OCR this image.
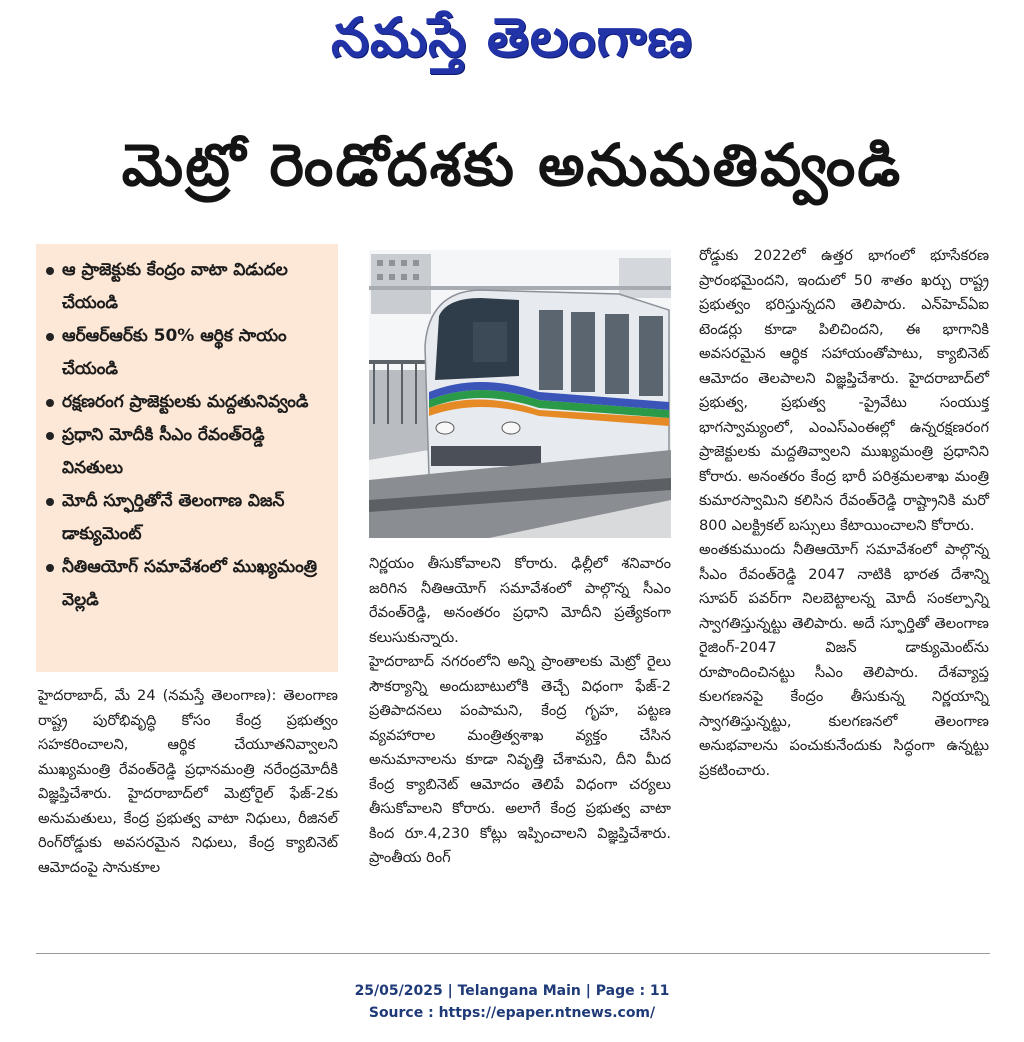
నమస్తే తెలంగాణ
మెట్రో రెండోదశకు అనుమతివ్వండి
ఆ ప్రాజెక్టుకు కేంద్రం వాటా విడుదల చేయండి
ఆర్‌ఆర్‌ఆర్‌కు 50% ఆర్థిక సాయం చేయండి
రక్షణరంగ ప్రాజెక్టులకు మద్దతునివ్వండి
ప్రధాని మోదీకి సీఎం రేవంత్‌రెడ్డి వినతులు
మోదీ స్ఫూర్తితోనే తెలంగాణ విజన్ డాక్యుమెంట్
నీతిఆయోగ్ సమావేశంలో ముఖ్యమంత్రి వెల్లడి

హైదరాబాద్, మే 24 (నమస్తే తెలంగాణ): తెలంగాణ రాష్ట్ర పురోభివృద్ధి కోసం కేంద్ర ప్రభుత్వం సహకరించాలని, ఆర్థిక చేయూతనివ్వాలని ముఖ్యమంత్రి రేవంత్‌రెడ్డి ప్రధానమంత్రి నరేంద్రమోదీకి విజ్ఞప్తిచేశారు. హైదరాబాద్‌లో మెట్రోరైల్ ఫేజ్-2కు అనుమతులు, కేంద్ర ప్రభుత్వ వాటా నిధులు, రీజినల్ రింగ్‌రోడ్డుకు అవసరమైన నిధులు, కేంద్ర క్యాబినెట్ ఆమోదంపై సానుకూల

నిర్ణయం తీసుకోవాలని కోరారు. ఢిల్లీలో శనివారం జరిగిన నీతిఆయోగ్ సమావేశంలో పాల్గొన్న సీఎం రేవంత్‌రెడ్డి, అనంతరం ప్రధాని మోదీని ప్రత్యేకంగా కలుసుకున్నారు.

హైదరాబాద్ నగరంలోని అన్ని ప్రాంతాలకు మెట్రో రైలు సౌకర్యాన్ని అందుబాటులోకి తెచ్చే విధంగా ఫేజ్-2 ప్రతిపాదనలు పంపామని, కేంద్ర గృహ, పట్టణ వ్యవహారాల మంత్రిత్వశాఖ వ్యక్తం చేసిన అనుమానాలను కూడా నివృత్తి చేశామని, దీని మీద కేంద్ర క్యాబినెట్ ఆమోదం తెలిపే విధంగా చర్యలు తీసుకోవాలని కోరారు. అలాగే కేంద్ర ప్రభుత్వ వాటా కింద రూ.4,230 కోట్లు ఇప్పించాలని విజ్ఞప్తిచేశారు. ప్రాంతీయ రింగ్

రోడ్డుకు 2022లో ఉత్తర భాగంలో భూసేకరణ ప్రారంభమైందని, ఇందులో 50 శాతం ఖర్చు రాష్ట్ర ప్రభుత్వం భరిస్తున్నదని తెలిపారు. ఎన్‌హెచ్‌ఏఐ టెండర్లు కూడా పిలిచిందని, ఈ భాగానికి అవసరమైన ఆర్థిక సహాయంతోపాటు, క్యాబినెట్ ఆమోదం తెలపాలని విజ్ఞప్తిచేశారు. హైదరాబాద్‌లో ప్రభుత్వ, ప్రభుత్వ -ప్రైవేటు సంయుక్త భాగస్వామ్యంలో, ఎంఎస్‌ఎంఈల్లో ఉన్నరక్షణరంగ ప్రాజెక్టులకు మద్దతివ్వాలని ముఖ్యమంత్రి ప్రధానిని కోరారు. అనంతరం కేంద్ర భారీ పరిశ్రమలశాఖ మంత్రి కుమారస్వామిని కలిసిన రేవంత్‌రెడ్డి రాష్ట్రానికి మరో 800 ఎలక్ట్రికల్ బస్సులు కేటాయించాలని కోరారు.

అంతకుముందు నీతిఆయోగ్ సమావేశంలో పాల్గొన్న సీఎం రేవంత్‌రెడ్డి 2047 నాటికి భారత దేశాన్ని సూపర్ పవర్‌గా నిలబెట్టాలన్న మోదీ సంకల్పాన్ని స్వాగతిస్తున్నట్టు తెలిపారు. అదే స్ఫూర్తితో తెలంగాణ రైజింగ్-2047 విజన్ డాక్యుమెంట్‌ను రూపొందించినట్టు సీఎం తెలిపారు. దేశవ్యాప్త కులగణనపై కేంద్రం తీసుకున్న నిర్ణయాన్ని స్వాగతిస్తున్నట్టు, కులగణనలో తెలంగాణ అనుభవాలను పంచుకునేందుకు సిద్ధంగా ఉన్నట్టు ప్రకటించారు.

25/05/2025 | Telangana Main | Page : 11
Source : https://epaper.ntnews.com/
